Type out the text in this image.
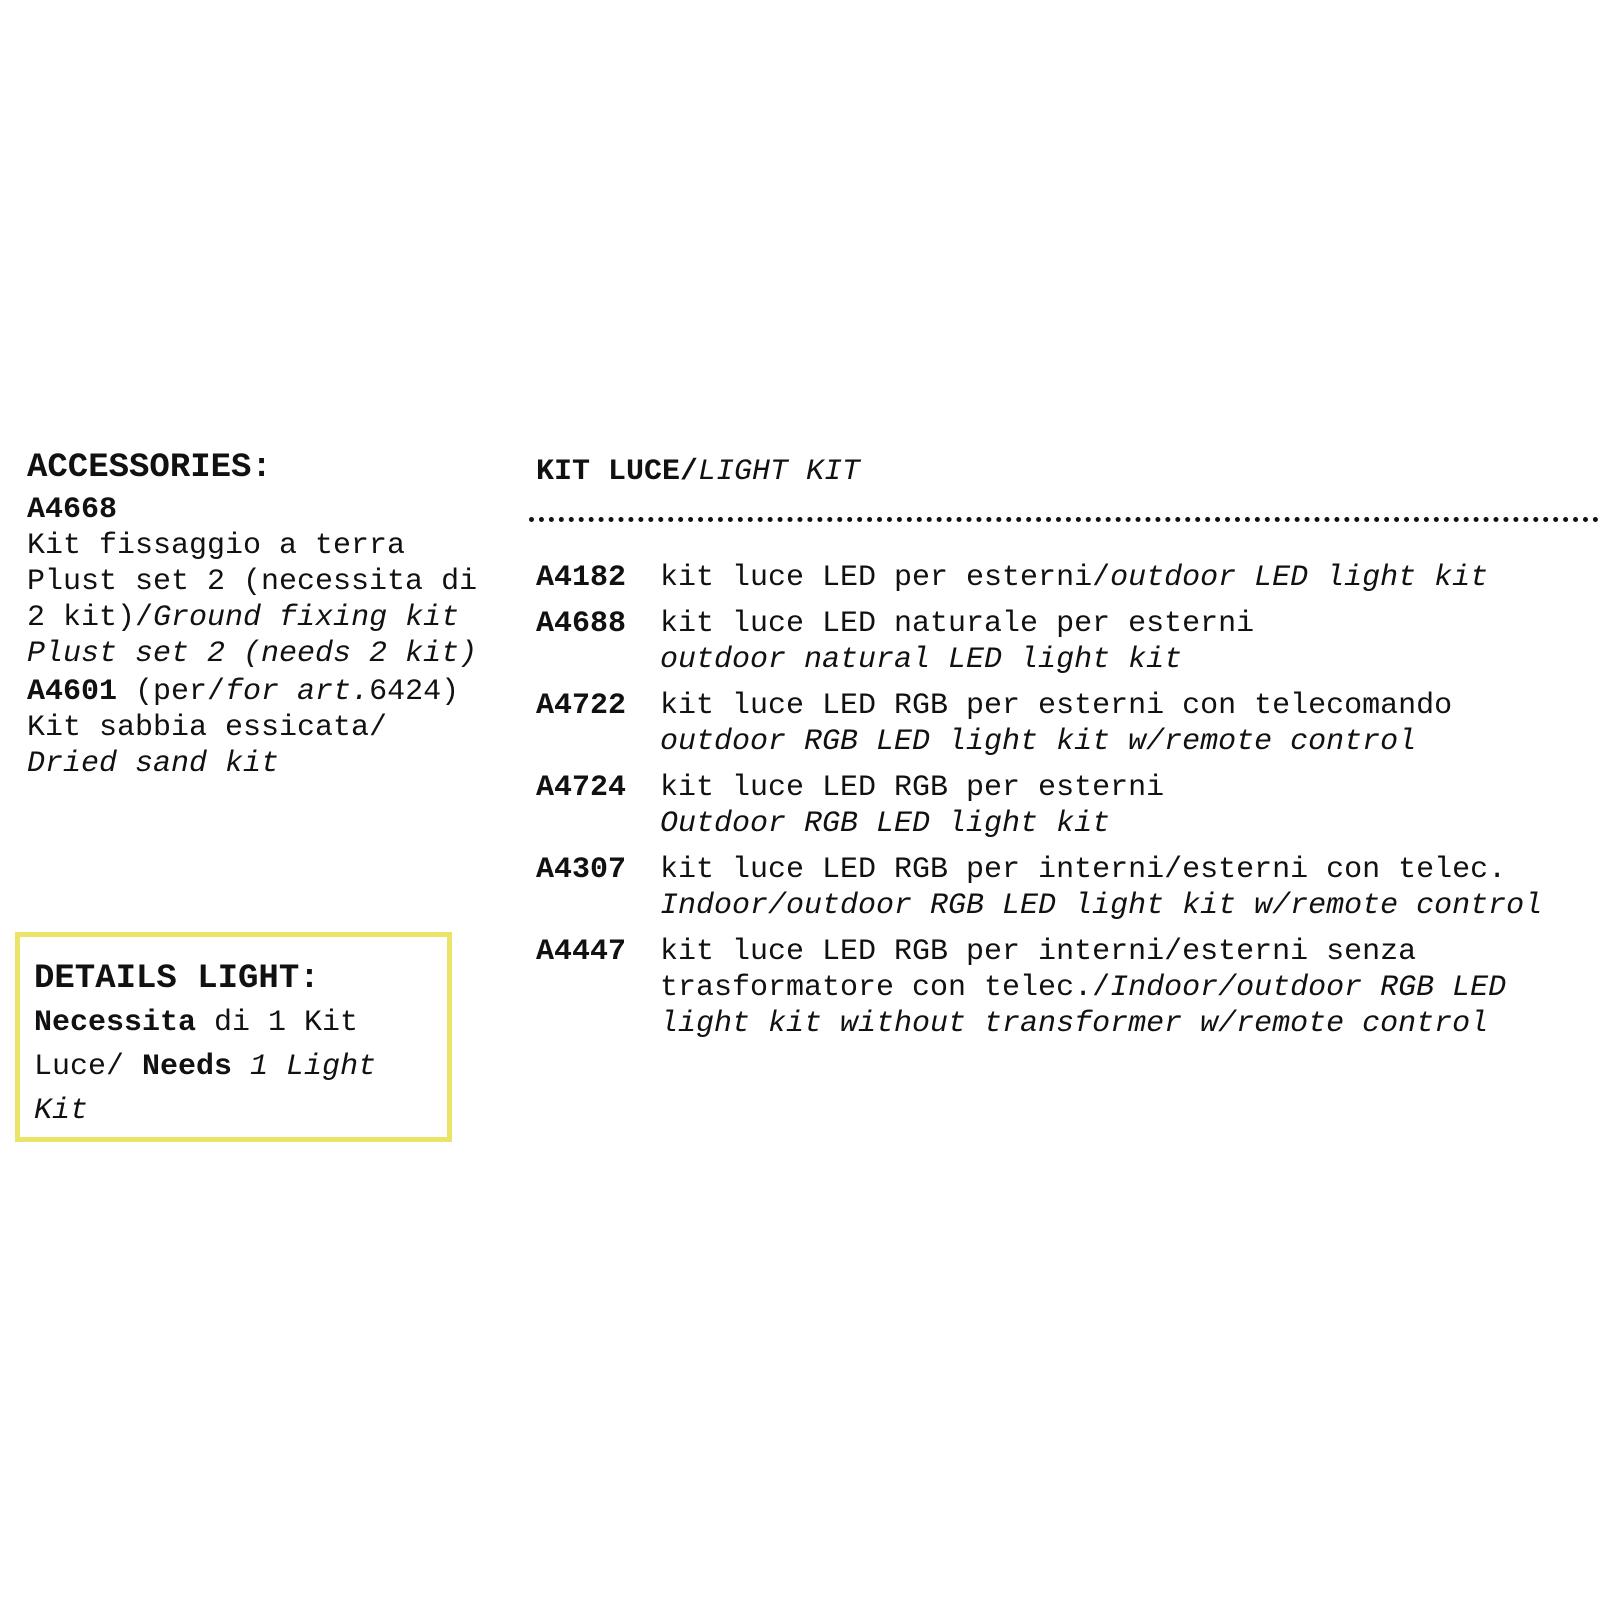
ACCESSORIES:
A4668
Kit fissaggio a terra Plust set 2 (necessita di 2 kit)/Ground fixing kit Plust set 2 (needs 2 kit)
A4601 (per/for art.6424)
Kit sabbia essicata/
Dried sand kit
DETAILS LIGHT:
Necessita di 1 Kit Luce/ Needs 1 Light Kit
KIT LUCE/LIGHT KIT
A4182	kit luce LED per esterni/outdoor LED light kit
A4688	kit luce LED naturale per esterni
outdoor natural LED light kit
A4722	kit luce LED RGB per esterni con telecomando
outdoor RGB LED light kit w/remote control
A4724	kit luce LED RGB per esterni
Outdoor RGB LED light kit
A4307	kit luce LED RGB per interni/esterni con telec.
Indoor/outdoor RGB LED light kit w/remote control
A4447	kit luce LED RGB per interni/esterni senza trasformatore con telec./Indoor/outdoor RGB LED light kit without transformer w/remote control
